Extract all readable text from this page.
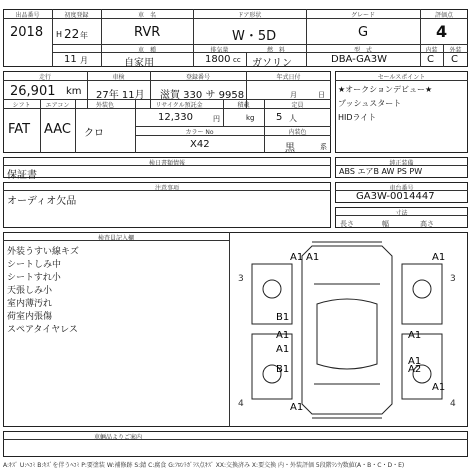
出品番号	初度登録	車　名	ドア形状	グレード	評価点
2018 H 22 年	RVR	W・5D	G	4
車　種	排気量	燃　料	型　式	内装	外装
11 月	自家用	1800 cc ガソリン	DBA-GA3W	C C
走行	車検	登録番号	年式日付
26,901 km 27年 11月 滋賀 330 サ 9958	月	日
シフト	エアコン	外装色	リサイクル預託金	積載	定員
FAT AAC クロ
12,330	円	kg 5 人
カラー No	内装色
X42	黒	系
セールスポイント
★オークションデビュー★
プッシュスタート
HIDライト
検日書類情報
保証書
注意事項
オーディオ欠品
純正装備
ABS エアB AW PS PW
車台番号
GA3W-0014447
寸法
長さ	幅	高さ
検査員記入欄
外装うすい線キズ
シートしみ中
シートすれ小
天張しみ小
室内薄汚れ
荷室内張傷
スペアタイヤレス
A1 A1	A1
B1
A1
A1
A1
A1
B1	A2
A1
A1
3	3
4	4
車輌品よりご案内
A:ｷｽﾞ U:ﾍｺﾐ B:ｷｽﾞを伴うﾍｺﾐ P:要塗装 W:補修跡 S:錆 C:腐食 G:ﾌﾛﾝﾄｶﾞﾗｽ点ｷｽﾞ XX:交換済み X:要交換 内・外装評価 5段階ﾗﾝｸ/数値(A・B・C・D・E)
